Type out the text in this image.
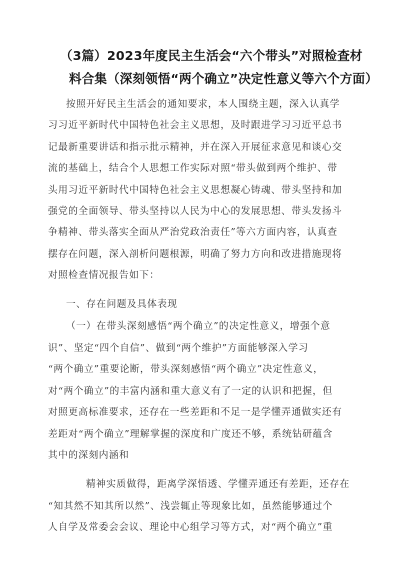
（3篇）2023年度民主生活会“六个带头”对照检查材
料合集（深刻领悟“两个确立”决定性意义等六个方面）
按照开好民主生活会的通知要求，本人围绕主题，深入认真学
习习近平新时代中国特色社会主义思想，及时跟进学习习近平总书
记最新重要讲话和指示批示精神，并在深入开展征求意见和谈心交
流的基础上，结合个人思想工作实际对照“带头做到两个维护、带
头用习近平新时代中国特色社会主义思想凝心铸魂、带头坚持和加
强党的全面领导、带头坚持以人民为中心的发展思想、带头发扬斗
争精神、带头落实全面从严治党政治责任”等六方面内容，认真查
摆存在问题，深入剖析问题根源，明确了努力方向和改进措施现将
对照检查情况报告如下：
一、存在问题及具体表现
（一）在带头深刻感悟“两个确立”的决定性意义，增强个意
识”、坚定“四个自信”、做到“两个维护”方面能够深入学习
“两个确立”重要论断，带头深刻感悟“两个确立”决定性意义，
对“两个确立”的丰富内涵和重大意义有了一定的认识和把握，但
对照更高标准要求，还存在一些差距和不足一是学懂弄通做实还有
差距对“两个确立”理解掌握的深度和广度还不够，系统钻研蕴含
其中的深刻内涵和
精神实质做得，距离学深悟透、学懂弄通还有差距，还存在
“知其然不知其所以然”、浅尝辄止等现象比如，虽然能够通过个
人自学及常委会会议、理论中心组学习等方式，对“两个确立”重
